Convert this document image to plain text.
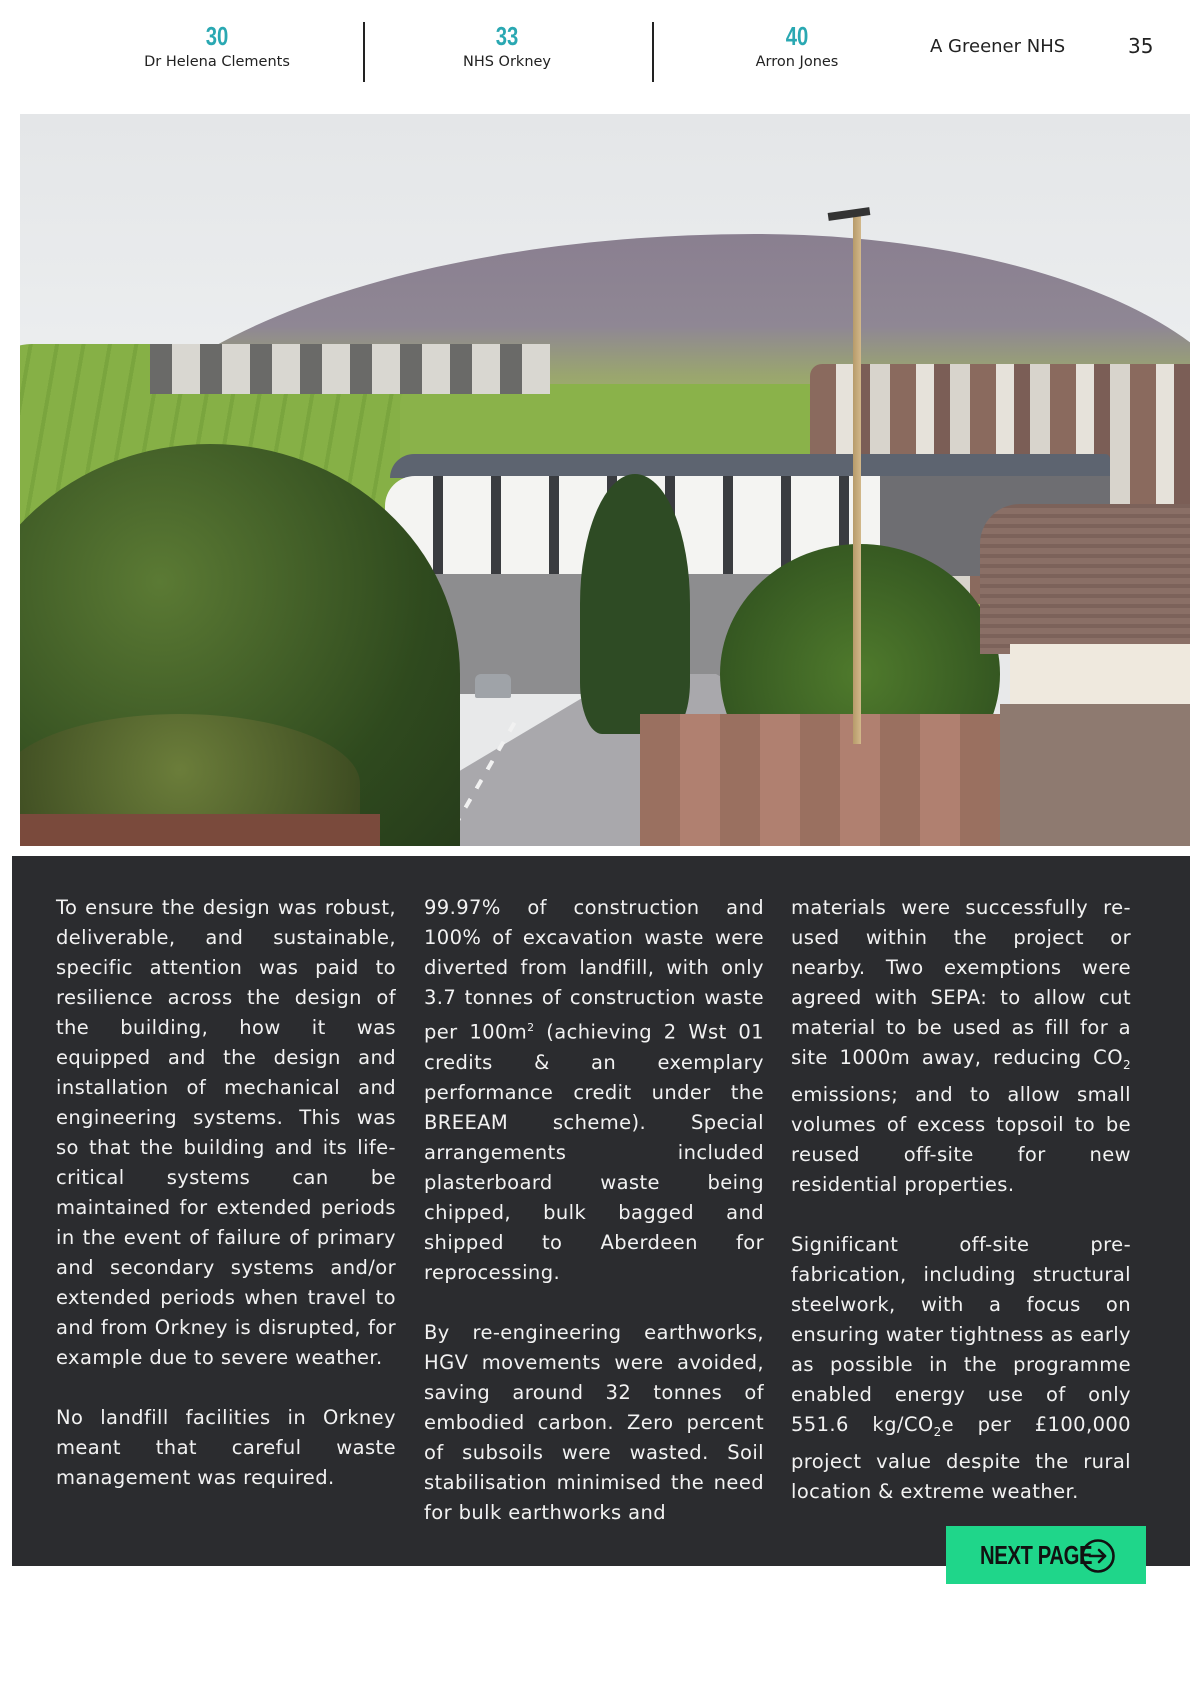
30
Dr Helena Clements
33
NHS Orkney
40
Arron Jones
A Greener NHS	35

To ensure the design was robust, deliverable, and sustainable, specific attention was paid to resilience across the design of the building, how it was equipped and the design and installation of mechanical and engineering systems. This was so that the building and its life-critical systems can be maintained for extended periods in the event of failure of primary and secondary systems and/or extended periods when travel to and from Orkney is disrupted, for example due to severe weather.

No landfill facilities in Orkney meant that careful waste management was required.

99.97% of construction and 100% of excavation waste were diverted from landfill, with only 3.7 tonnes of construction waste per $100m^2$ (achieving 2 Wst 01 credits & an exemplary performance credit under the BREEAM scheme). Special arrangements included plasterboard waste being chipped, bulk bagged and shipped to Aberdeen for reprocessing.

By re-engineering earthworks, HGV movements were avoided, saving around 32 tonnes of embodied carbon. Zero percent of subsoils were wasted. Soil stabilisation minimised the need for bulk earthworks and

materials were successfully re-used within the project or nearby. Two exemptions were agreed with SEPA: to allow cut material to be used as fill for a site 1000m away, reducing $CO_2$ emissions; and to allow small volumes of excess topsoil to be reused off-site for new residential properties.

Significant off-site pre-fabrication, including structural steelwork, with a focus on ensuring water tightness as early as possible in the programme enabled energy use of only 551.6 $kg/CO_2e$ per £100,000 project value despite the rural location & extreme weather.

NEXT PAGE
